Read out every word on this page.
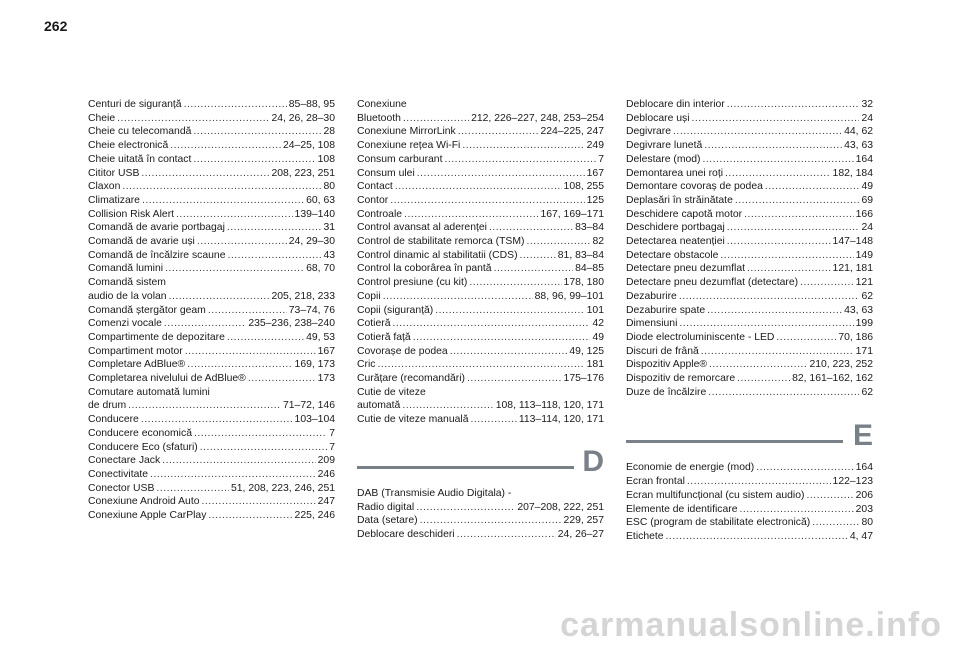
262
Centuri de siguranță .....	85–88, 95
Cheie .....	24, 26, 28–30
Cheie cu telecomandă .....	28
Cheie electronică .....	24–25, 108
Cheie uitată în contact .....	108
Cititor USB .....	208, 223, 251
Claxon .....	80
Climatizare .....	60, 63
Collision Risk Alert .....	139–140
Comandă de avarie portbagaj .....	31
Comandă de avarie uși .....	24, 29–30
Comandă de încălzire scaune .....	43
Comandă lumini .....	68, 70
Comandă sistem
audio de la volan .....	205, 218, 233
Comandă ștergător geam .....	73–74, 76
Comenzi vocale .....	235–236, 238–240
Compartimente de depozitare .....	49, 53
Compartiment motor .....	167
Completare AdBlue® .....	169, 173
Completarea nivelului de AdBlue® .....	173
Comutare automată lumini
de drum .....	71–72, 146
Conducere .....	103–104
Conducere economică .....	7
Conducere Eco (sfaturi) .....	7
Conectare Jack .....	209
Conectivitate .....	246
Conector USB .....	51, 208, 223, 246, 251
Conexiune Android Auto .....	247
Conexiune Apple CarPlay .....	225, 246
Conexiune
Bluetooth .....	212, 226–227, 248, 253–254
Conexiune MirrorLink .....	224–225, 247
Conexiune rețea Wi-Fi .....	249
Consum carburant .....	7
Consum ulei .....	167
Contact .....	108, 255
Contor .....	125
Controale .....	167, 169–171
Control avansat al aderenței .....	83–84
Control de stabilitate remorca (TSM) .....	82
Control dinamic al stabilitatii (CDS) .....	81, 83–84
Control la coborârea în pantă .....	84–85
Control presiune (cu kit) .....	178, 180
Copii .....	88, 96, 99–101
Copii (siguranță) .....	101
Cotieră .....	42
Cotieră față .....	49
Covorașe de podea .....	49, 125
Cric .....	181
Curățare (recomandări) .....	175–176
Cutie de viteze
automată .....	108, 113–118, 120, 171
Cutie de viteze manuală .....	113–114, 120, 171
D
DAB (Transmisie Audio Digitala) -
Radio digital .....	207–208, 222, 251
Data (setare) .....	229, 257
Deblocare deschideri .....	24, 26–27
Deblocare din interior .....	32
Deblocare uși .....	24
Degivrare .....	44, 62
Degivrare lunetă .....	43, 63
Delestare (mod) .....	164
Demontarea unei roți .....	182, 184
Demontare covoraș de podea .....	49
Deplasări în străinătate .....	69
Deschidere capotă motor .....	166
Deschidere portbagaj .....	24
Detectarea neatenției .....	147–148
Detectare obstacole .....	149
Detectare pneu dezumflat .....	121, 181
Detectare pneu dezumflat (detectare) .....	121
Dezaburire .....	62
Dezaburire spate .....	43, 63
Dimensiuni .....	199
Diode electroluminiscente - LED .....	70, 186
Discuri de frână .....	171
Dispozitiv Apple® .....	210, 223, 252
Dispozitiv de remorcare .....	82, 161–162, 162
Duze de încălzire .....	62
E
Economie de energie (mod) .....	164
Ecran frontal .....	122–123
Ecran multifuncțional (cu sistem audio) .....	206
Elemente de identificare .....	203
ESC (program de stabilitate electronică) .....	80
Etichete .....	4, 47
carmanualsonline.info
